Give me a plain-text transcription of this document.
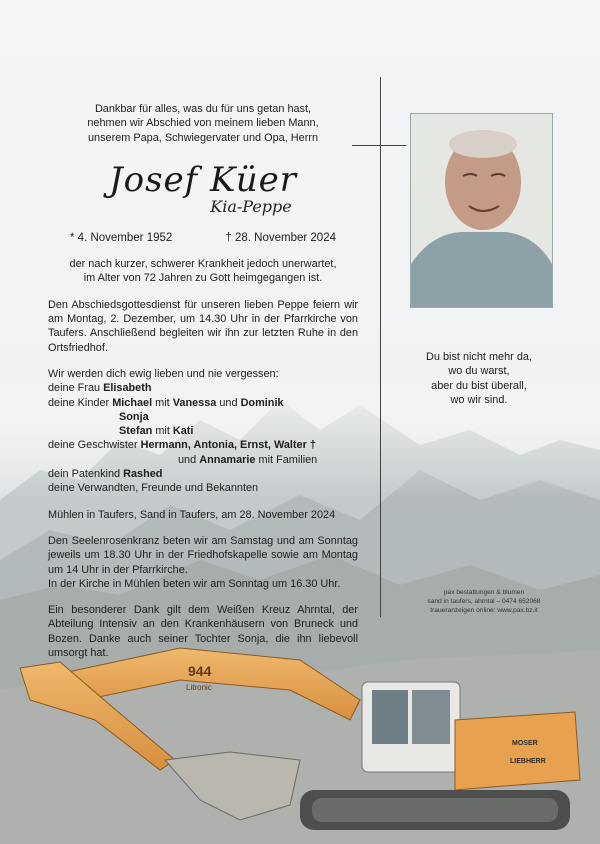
Dankbar für alles, was du für uns getan hast,
nehmen wir Abschied von meinem lieben Mann,
unserem Papa, Schwiegervater und Opa, Herrn
Josef Küer
Kia-Peppe
* 4. November 1952	† 28. November 2024
der nach kurzer, schwerer Krankheit jedoch unerwartet,
im Alter von 72 Jahren zu Gott heimgegangen ist.
Den Abschiedsgottesdienst für unseren lieben Peppe feiern wir am Montag, 2. Dezember, um 14.30 Uhr in der Pfarrkirche von Taufers. Anschließend begleiten wir ihn zur letzten Ruhe in den Ortsfriedhof.
Wir werden dich ewig lieben und nie vergessen:
deine Frau Elisabeth
deine Kinder Michael mit Vanessa und Dominik
Sonja
Stefan mit Kati
deine Geschwister Hermann, Antonia, Ernst, Walter †
und Annamarie mit Familien
dein Patenkind Rashed
deine Verwandten, Freunde und Bekannten
Mühlen in Taufers, Sand in Taufers, am 28. November 2024
Den Seelenrosenkranz beten wir am Samstag und am Sonntag jeweils um 18.30 Uhr in der Friedhofskapelle sowie am Montag um 14 Uhr in der Pfarrkirche.
In der Kirche in Mühlen beten wir am Sonntag um 16.30 Uhr.
Ein besonderer Dank gilt dem Weißen Kreuz Ahrntal, der Abteilung Intensiv an den Krankenhäusern von Bruneck und Bozen. Danke auch seiner Tochter Sonja, die ihn liebevoll umsorgt hat.
Du bist nicht mehr da,
wo du warst,
aber du bist überall,
wo wir sind.
pax bestattungen & blumen
sand in taufers, ahrntal – 0474 652068
traueranzeigen online: www.pax.bz.it
944
Litronic
MOSER
LIEBHERR
